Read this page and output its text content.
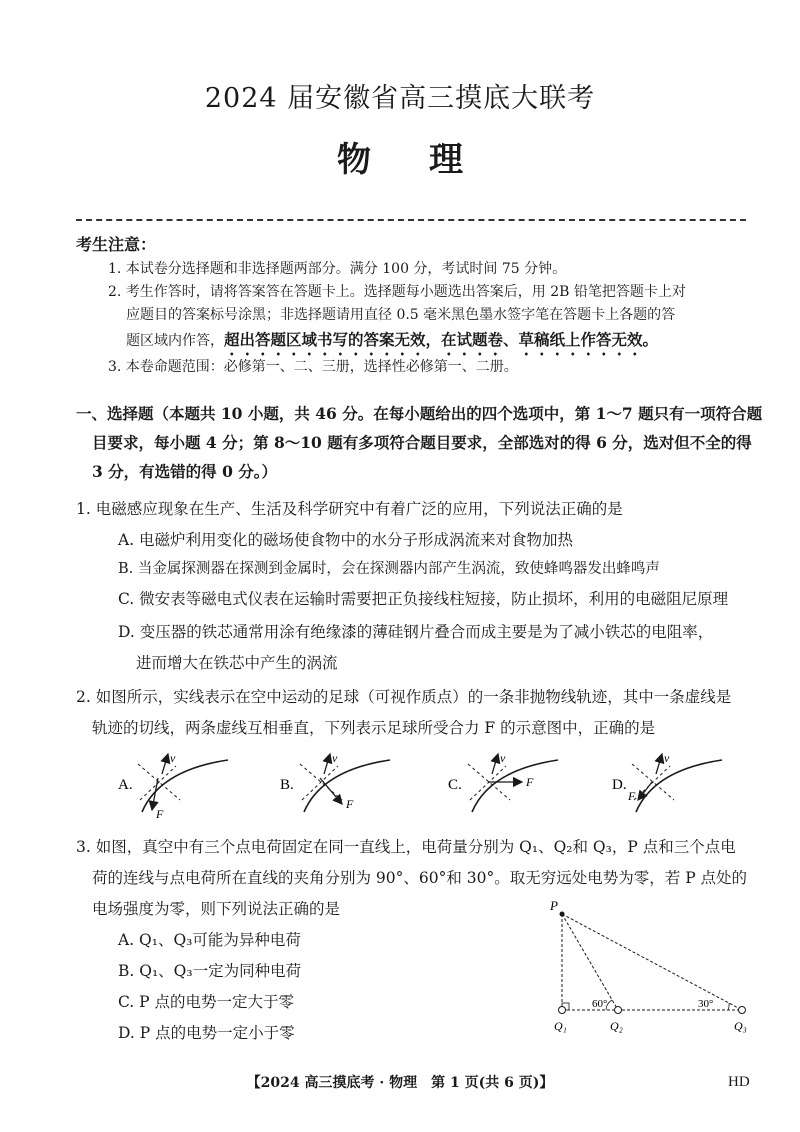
2024 届安徽省高三摸底大联考
物理
考生注意：
1. 本试卷分选择题和非选择题两部分。满分 100 分，考试时间 75 分钟。
2. 考生作答时，请将答案答在答题卡上。选择题每小题选出答案后，用 2B 铅笔把答题卡上对
应题目的答案标号涂黑；非选择题请用直径 0.5 毫米黑色墨水签字笔在答题卡上各题的答
题区域内作答，超出答题区域书写的答案无效，在试题卷、草稿纸上作答无效。
3. 本卷命题范围：必修第一、二、三册，选择性必修第一、二册。
一、选择题（本题共 10 小题，共 46 分。在每小题给出的四个选项中，第 1～7 题只有一项符合题
目要求，每小题 4 分；第 8～10 题有多项符合题目要求，全部选对的得 6 分，选对但不全的得
3 分，有选错的得 0 分。）
1. 电磁感应现象在生产、生活及科学研究中有着广泛的应用，下列说法正确的是
A. 电磁炉利用变化的磁场使食物中的水分子形成涡流来对食物加热
B. 当金属探测器在探测到金属时，会在探测器内部产生涡流，致使蜂鸣器发出蜂鸣声
C. 微安表等磁电式仪表在运输时需要把正负接线柱短接，防止损坏，利用的电磁阻尼原理
D. 变压器的铁芯通常用涂有绝缘漆的薄硅钢片叠合而成主要是为了减小铁芯的电阻率，
进而增大在铁芯中产生的涡流
2. 如图所示，实线表示在空中运动的足球（可视作质点）的一条非抛物线轨迹，其中一条虚线是
轨迹的切线，两条虚线互相垂直，下列表示足球所受合力 F 的示意图中，正确的是
A.
v
F
B.
v
F
C.
v
F	D.
v
F
3. 如图，真空中有三个点电荷固定在同一直线上，电荷量分别为 Q₁、Q₂和 Q₃，P 点和三个点电
荷的连线与点电荷所在直线的夹角分别为 90°、60°和 30°。取无穷远处电势为零，若 P 点处的
电场强度为零，则下列说法正确的是
A. Q₁、Q₃可能为异种电荷
B. Q₁、Q₃一定为同种电荷
C. P 点的电势一定大于零
D. P 点的电势一定小于零
P
60°	30°
Q₁	Q₂	Q₃
【2024 高三摸底考 · 物理　第 1 页(共 6 页)】	HD
